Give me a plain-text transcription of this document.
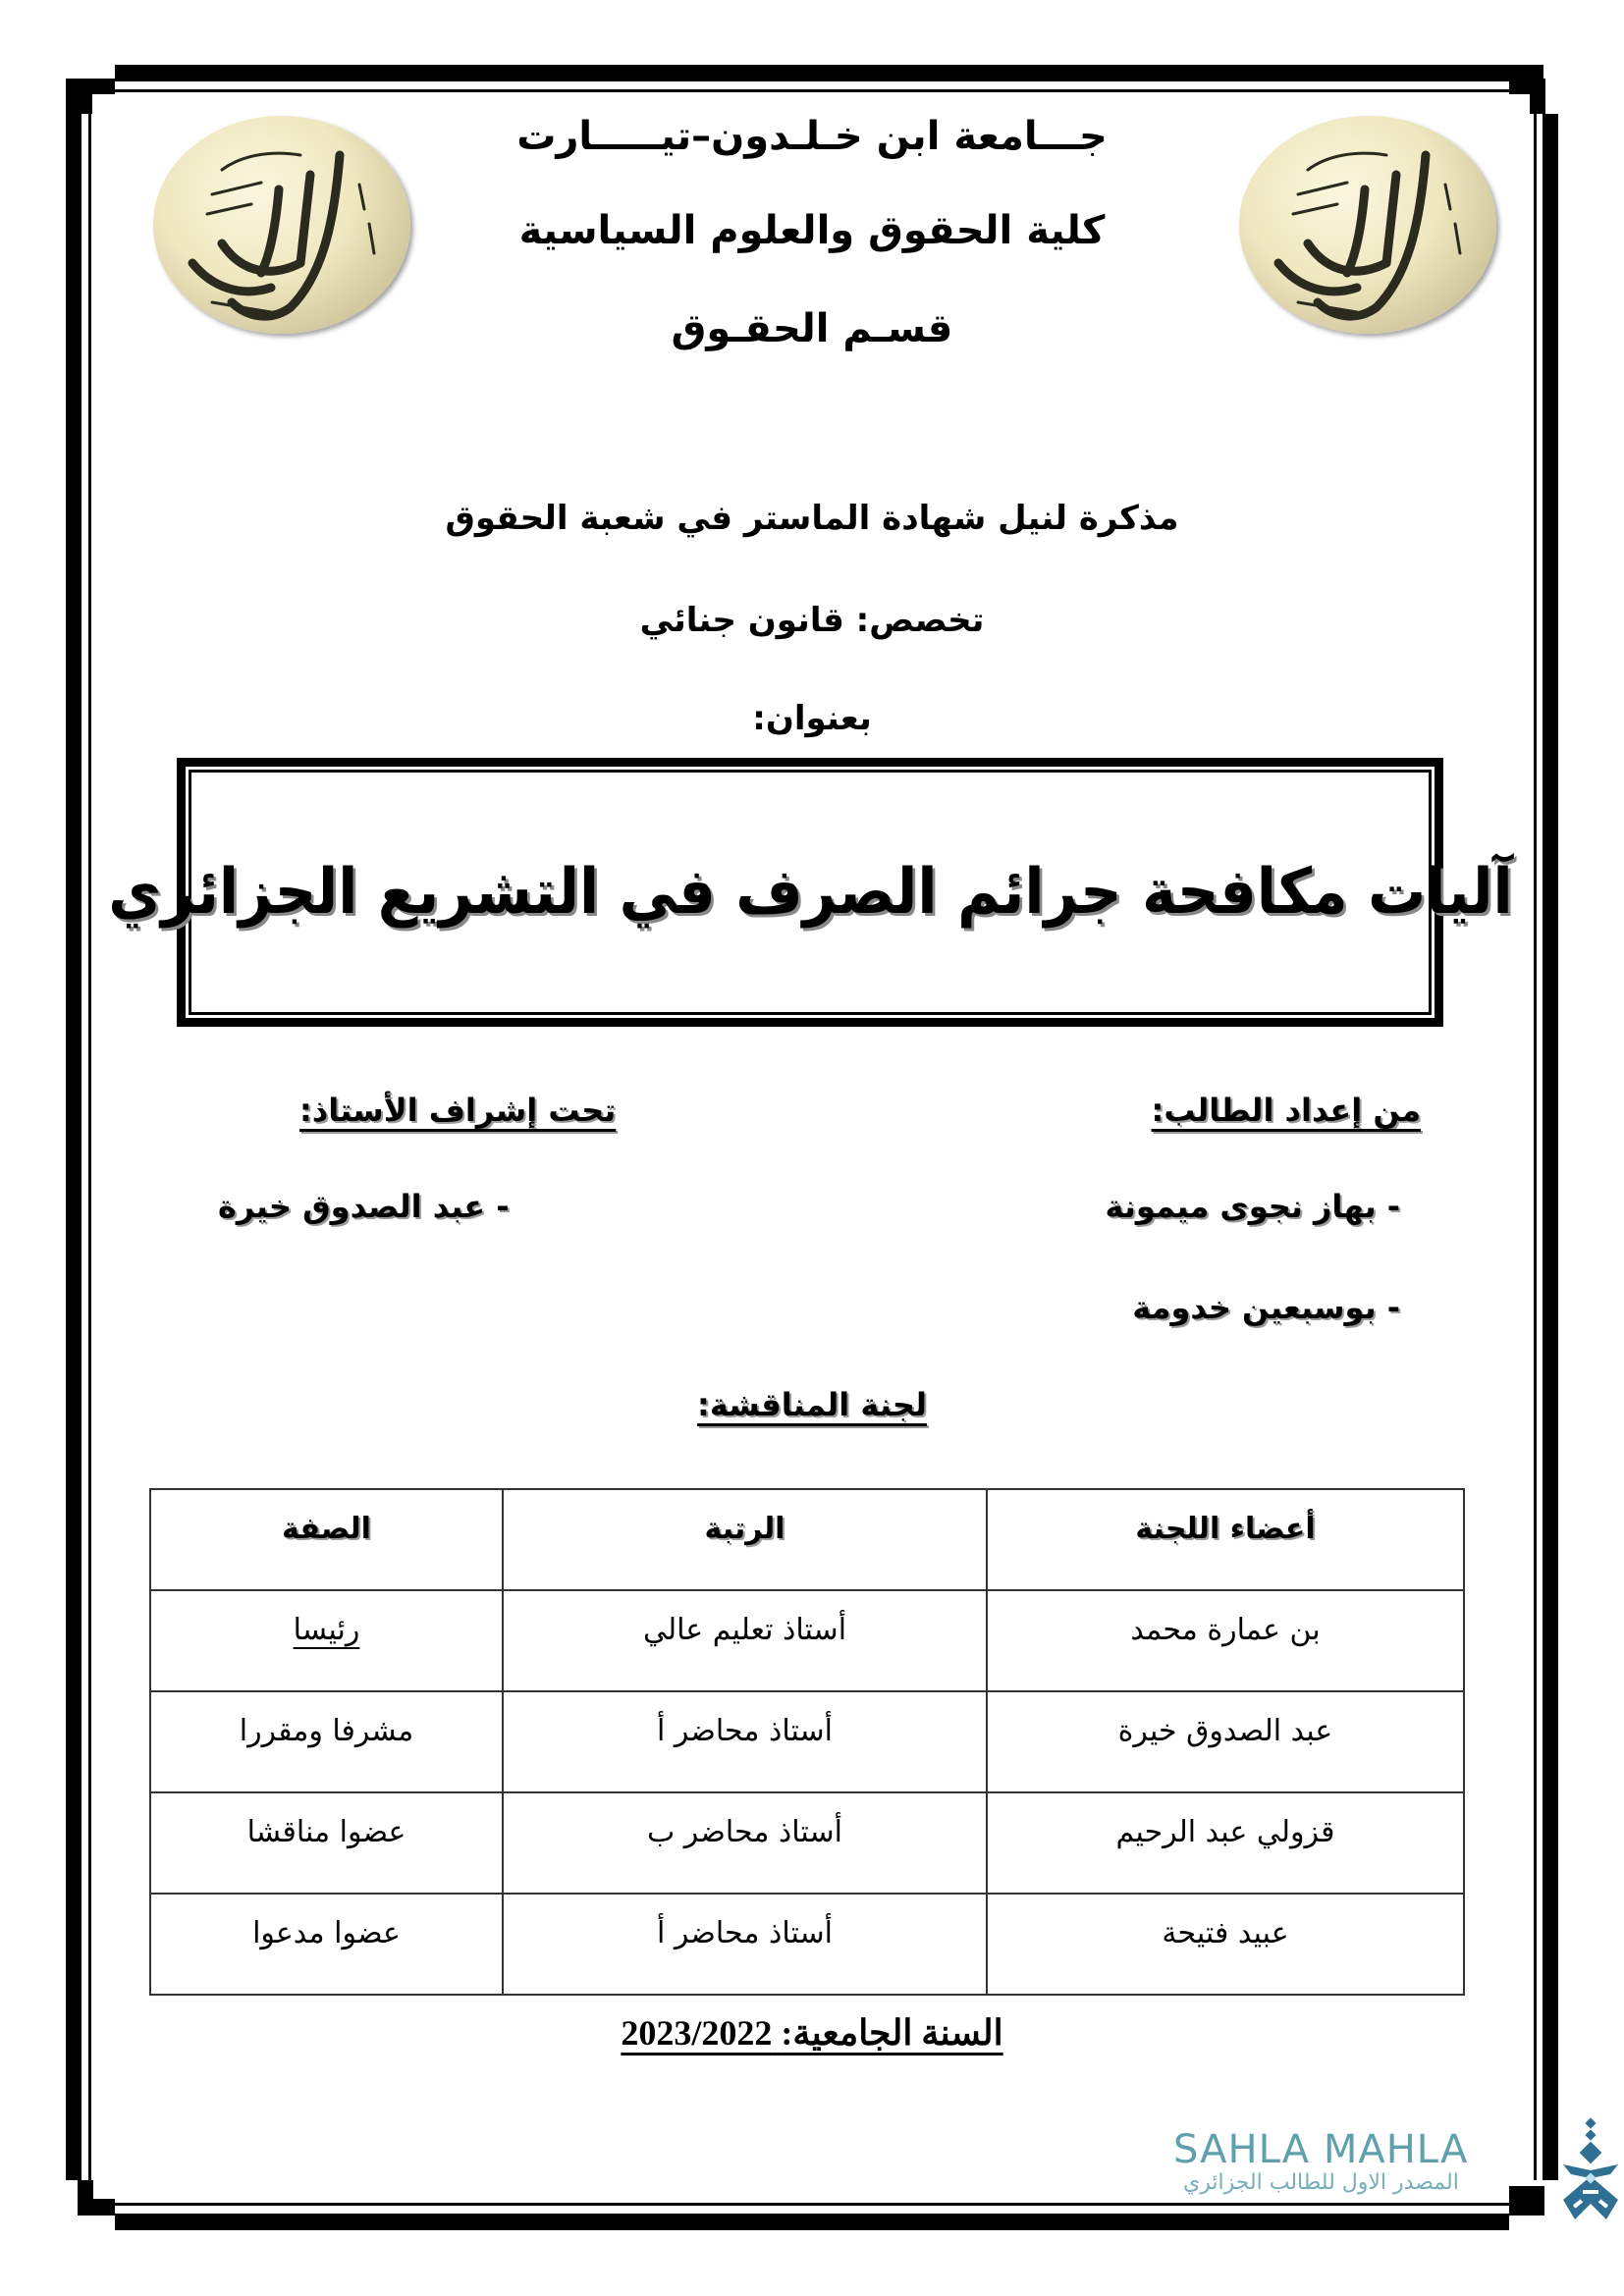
جـــامعة ابن خـلـدون–تيـــــارت
كلية الحقوق والعلوم السياسية
قسـم الحقـوق
مذكرة لنيل شهادة الماستر في شعبة الحقوق
تخصص: قانون جنائي
بعنوان:
آليات مكافحة جرائم الصرف في التشريع الجزائري
من إعداد الطالب:
تحت إشراف الأستاذ:
- بهاز نجوى ميمونة
- عبد الصدوق خيرة
- بوسبعين خدومة
لجنة المناقشة:
أعضاء اللجنة	الرتبة	الصفة
بن عمارة محمد	أستاذ تعليم عالي	رئيسا
عبد الصدوق خيرة	أستاذ محاضر أ	مشرفا ومقررا
قزولي عبد الرحيم	أستاذ محاضر ب	عضوا مناقشا
عبيد فتيحة	أستاذ محاضر أ	عضوا مدعوا
السنة الجامعية: 2023/2022
SAHLA MAHLA
المصدر الاول للطالب الجزائري
